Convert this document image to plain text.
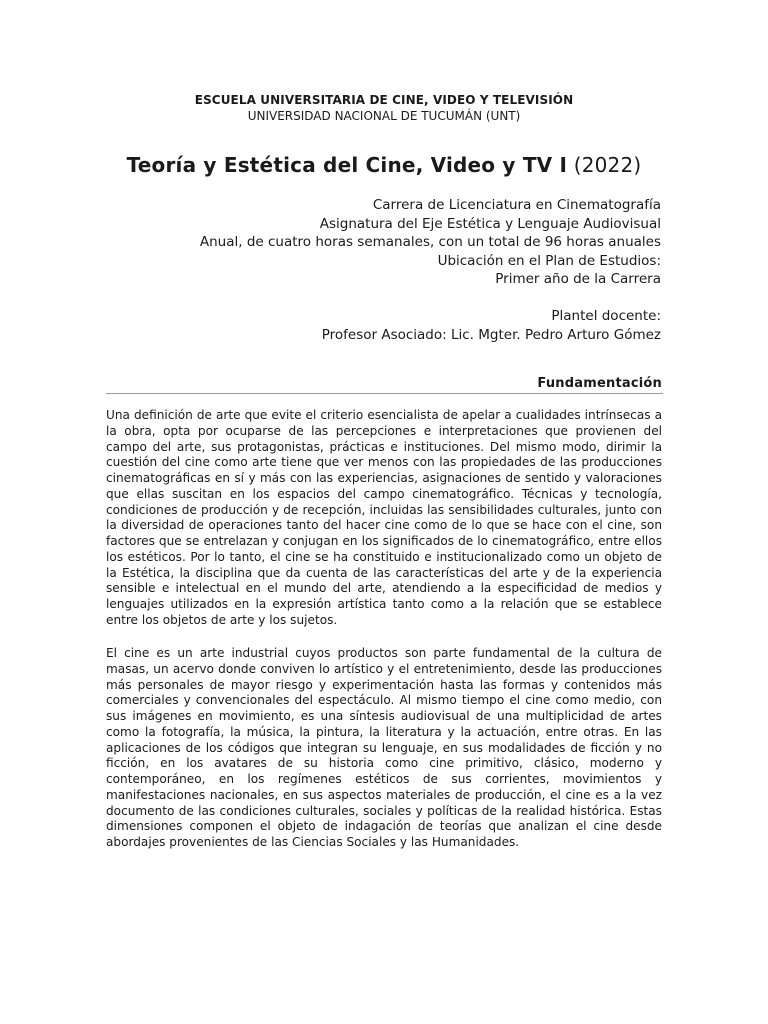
ESCUELA UNIVERSITARIA DE CINE, VIDEO Y TELEVISIÓN
UNIVERSIDAD NACIONAL DE TUCUMÁN (UNT)
Teoría y Estética del Cine, Video y TV I (2022)
Carrera de Licenciatura en Cinematografía
Asignatura del Eje Estética y Lenguaje Audiovisual
Anual, de cuatro horas semanales, con un total de 96 horas anuales
Ubicación en el Plan de Estudios:
Primer año de la Carrera
Plantel docente:
Profesor Asociado: Lic. Mgter. Pedro Arturo Gómez
Fundamentación

Una definición de arte que evite el criterio esencialista de apelar a cualidades intrínsecas a la obra, opta por ocuparse de las percepciones e interpretaciones que provienen del campo del arte, sus protagonistas, prácticas e instituciones. Del mismo modo, dirimir la cuestión del cine como arte tiene que ver menos con las propiedades de las producciones cinematográficas en sí y más con las experiencias, asignaciones de sentido y valoraciones que ellas suscitan en los espacios del campo cinematográfico. Técnicas y tecnología, condiciones de producción y de recepción, incluidas las sensibilidades culturales, junto con la diversidad de operaciones tanto del hacer cine como de lo que se hace con el cine, son factores que se entrelazan y conjugan en los significados de lo cinematográfico, entre ellos los estéticos. Por lo tanto, el cine se ha constituido e institucionalizado como un objeto de la Estética, la disciplina que da cuenta de las características del arte y de la experiencia sensible e intelectual en el mundo del arte, atendiendo a la especificidad de medios y lenguajes utilizados en la expresión artística tanto como a la relación que se establece entre los objetos de arte y los sujetos.

El cine es un arte industrial cuyos productos son parte fundamental de la cultura de masas, un acervo donde conviven lo artístico y el entretenimiento, desde las producciones más personales de mayor riesgo y experimentación hasta las formas y contenidos más comerciales y convencionales del espectáculo. Al mismo tiempo el cine como medio, con sus imágenes en movimiento, es una síntesis audiovisual de una multiplicidad de artes como la fotografía, la música, la pintura, la literatura y la actuación, entre otras. En las aplicaciones de los códigos que integran su lenguaje, en sus modalidades de ficción y no ficción, en los avatares de su historia como cine primitivo, clásico, moderno y contemporáneo, en los regímenes estéticos de sus corrientes, movimientos y manifestaciones nacionales, en sus aspectos materiales de producción, el cine es a la vez documento de las condiciones culturales, sociales y políticas de la realidad histórica. Estas dimensiones componen el objeto de indagación de teorías que analizan el cine desde abordajes provenientes de las Ciencias Sociales y las Humanidades.
